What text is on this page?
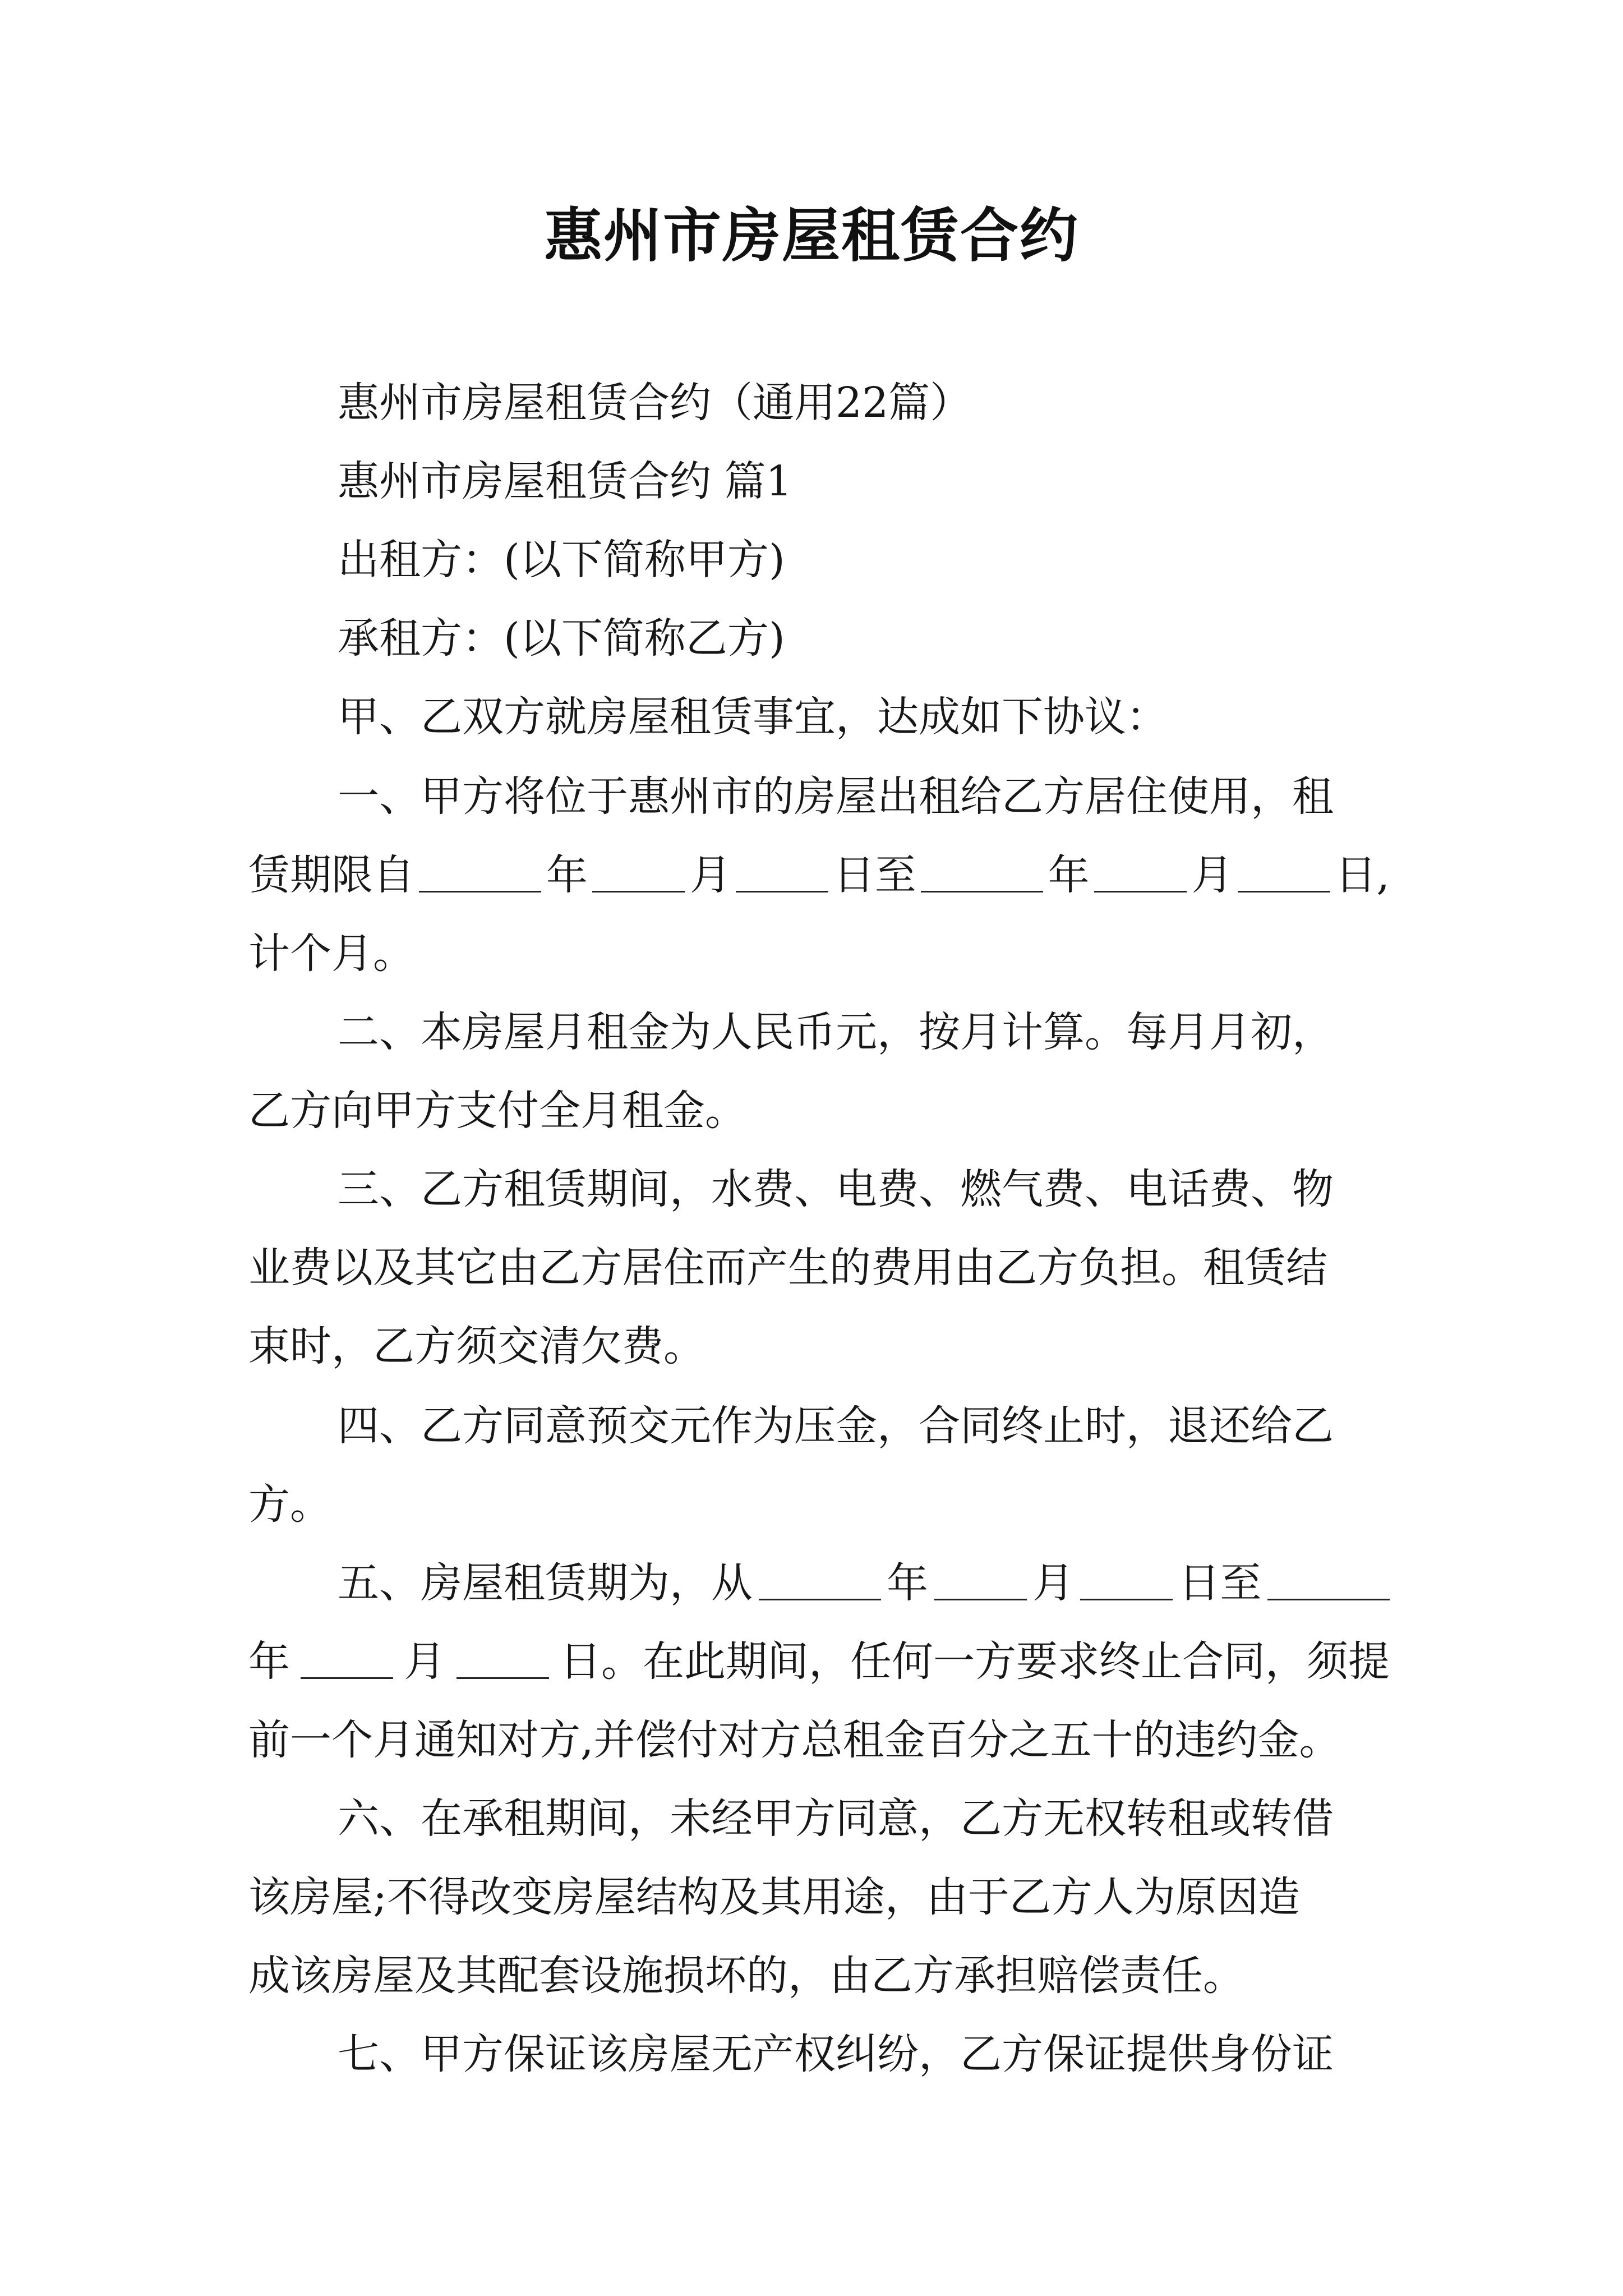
惠州市房屋租赁合约
惠州市房屋租赁合约（通用22篇）
惠州市房屋租赁合约 篇1
出租方：(以下简称甲方)
承租方：(以下简称乙方)
甲、乙双方就房屋租赁事宜，达成如下协议：
一、甲方将位于惠州市的房屋出租给乙方居住使用，租
赁期限自	年 月 日至	年 月 日,
计个月。
二、本房屋月租金为人民币元，按月计算。每月月初，
乙方向甲方支付全月租金。
三、乙方租赁期间，水费、电费、燃气费、电话费、物
业费以及其它由乙方居住而产生的费用由乙方负担。租赁结
束时，乙方须交清欠费。
四、乙方同意预交元作为压金，合同终止时，退还给乙
方。
五、房屋租赁期为，从	年	月	日至
年	月	日。在此期间，任何一方要求终止合同，须提
前一个月通知对方,并偿付对方总租金百分之五十的违约金。
六、在承租期间，未经甲方同意，乙方无权转租或转借
该房屋;不得改变房屋结构及其用途，由于乙方人为原因造
成该房屋及其配套设施损坏的，由乙方承担赔偿责任。
七、甲方保证该房屋无产权纠纷，乙方保证提供身份证
